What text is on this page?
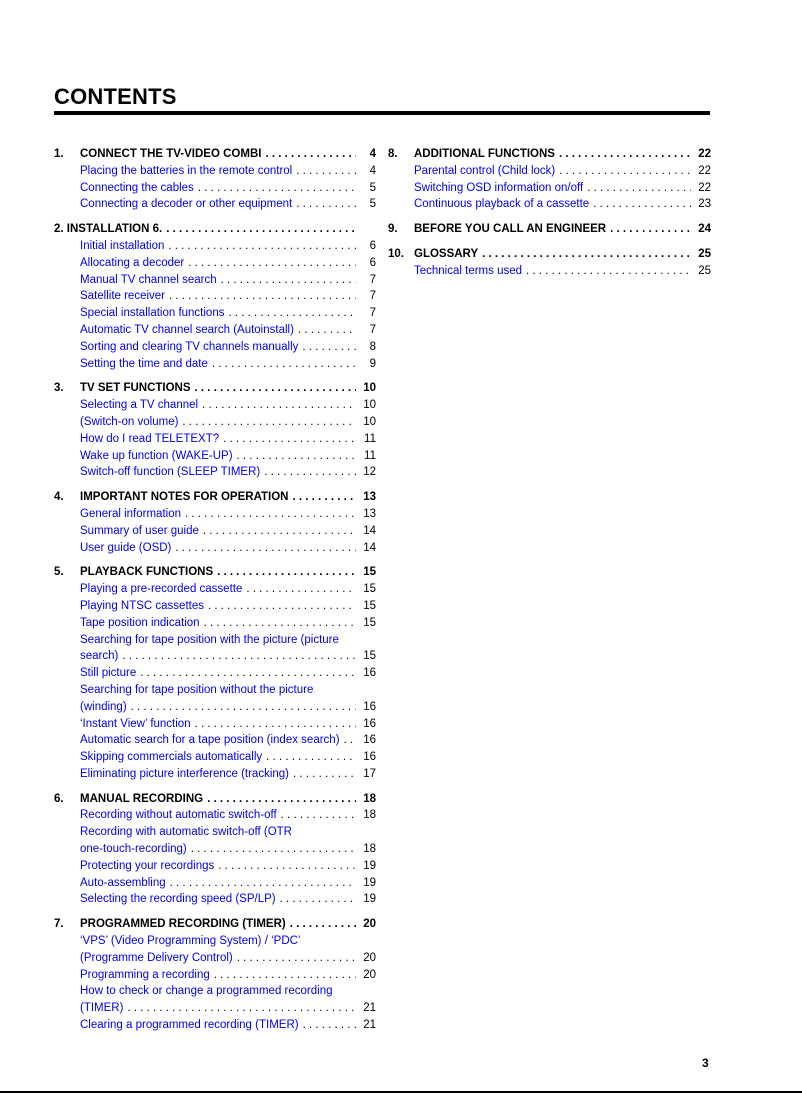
CONTENTS
1.	CONNECT THE TV-VIDEO COMBI . . .	4
Placing the batteries in the remote control . . .	4
Connecting the cables . . .	5
Connecting a decoder or other equipment . . .	5
2. INSTALLATION 6.
. . .
Initial installation . . .	6
Allocating a decoder . . .	6
Manual TV channel search . . .	7
Satellite receiver . . .	7
Special installation functions . . .	7
Automatic TV channel search (Autoinstall) . . .	7
Sorting and clearing TV channels manually . . .	8
Setting the time and date . . .	9
3.	TV SET FUNCTIONS . . .	10
Selecting a TV channel . . .	10
(Switch-on volume) . . .	10
How do I read TELETEXT? . . .	11
Wake up function (WAKE-UP) . . .	11
Switch-off function (SLEEP TIMER) . . .	12
4.	IMPORTANT NOTES FOR OPERATION . . .	13
General information . . .	13
Summary of user guide . . .	14
User guide (OSD) . . .	14
5.	PLAYBACK FUNCTIONS . . .	15
Playing a pre-recorded cassette . . .	15
Playing NTSC cassettes . . .	15
Tape position indication . . .	15
Searching for tape position with the picture (picture
search) . . .	15
Still picture . . .	16
Searching for tape position without the picture
(winding) . . .	16
‘Instant View’ function . . .	16
Automatic search for a tape position (index search) . . . 16
Skipping commercials automatically . . .	16
Eliminating picture interference (tracking) . . .	17
6.	MANUAL RECORDING . . .	18
Recording without automatic switch-off . . .	18
Recording with automatic switch-off (OTR
one-touch-recording) . . .	18
Protecting your recordings . . .	19
Auto-assembling . . .	19
Selecting the recording speed (SP/LP) . . .	19
7.	PROGRAMMED RECORDING (TIMER) . . .	20
‘VPS’ (Video Programming System) / ‘PDC’
(Programme Delivery Control) . . .	20
Programming a recording . . .	20
How to check or change a programmed recording
(TIMER) . . .	21
Clearing a programmed recording (TIMER) . . .	21
8.	ADDITIONAL FUNCTIONS . . .	22
Parental control (Child lock) . . .	22
Switching OSD information on/off . . .	22
Continuous playback of a cassette . . .	23
9.	BEFORE YOU CALL AN ENGINEER . . .	24
10. GLOSSARY . . .	25
Technical terms used . . .	25
3
